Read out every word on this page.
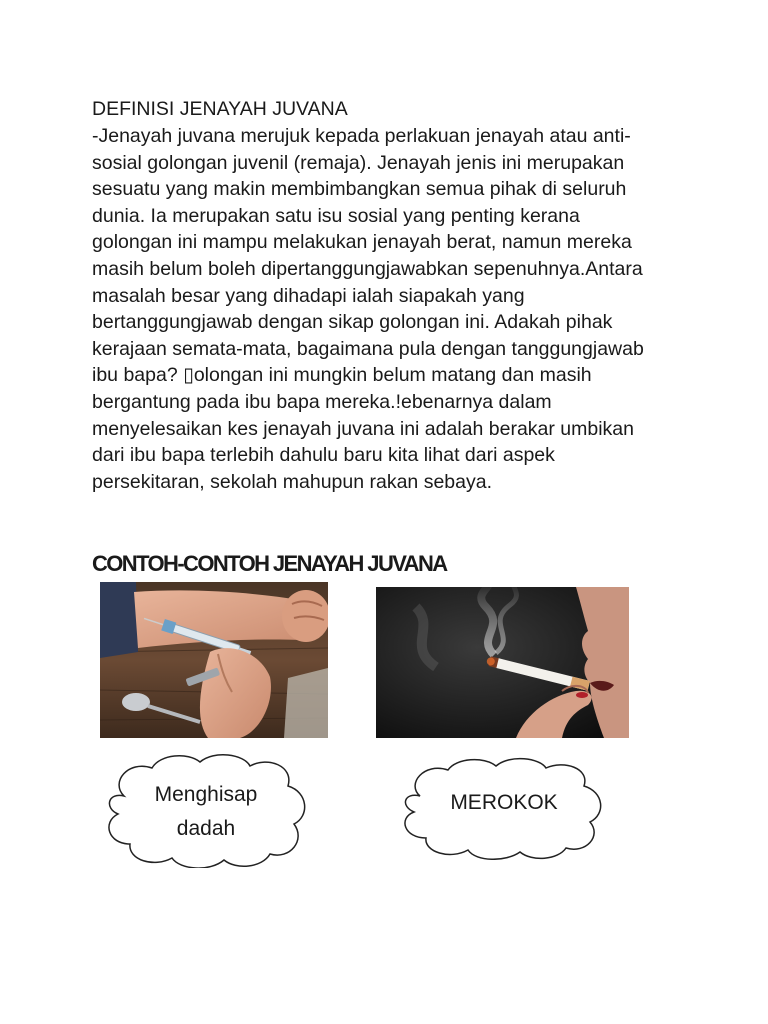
DEFINISI JENAYAH JUVANA
-Jenayah juvana merujuk kepada perlakuan jenayah atau anti-
sosial golongan juvenil (remaja). Jenayah jenis ini merupakan
sesuatu yang makin membimbangkan semua pihak di seluruh
dunia. Ia merupakan satu isu sosial yang penting kerana
golongan ini mampu melakukan jenayah berat, namun mereka
masih belum boleh dipertanggungjawabkan sepenuhnya.Antara
masalah besar yang dihadapi ialah siapakah yang
bertanggungjawab dengan sikap golongan ini. Adakah pihak
kerajaan semata-mata, bagaimana pula dengan tanggungjawab
ibu bapa? ▯olongan ini mungkin belum matang dan masih
bergantung pada ibu bapa mereka.!ebenarnya dalam
menyelesaikan kes jenayah juvana ini adalah berakar umbikan
dari ibu bapa terlebih dahulu baru kita lihat dari aspek
persekitaran, sekolah mahupun rakan sebaya.
CONTOH-CONTOH JENAYAH JUVANA
Menghisap
dadah
MEROKOK
